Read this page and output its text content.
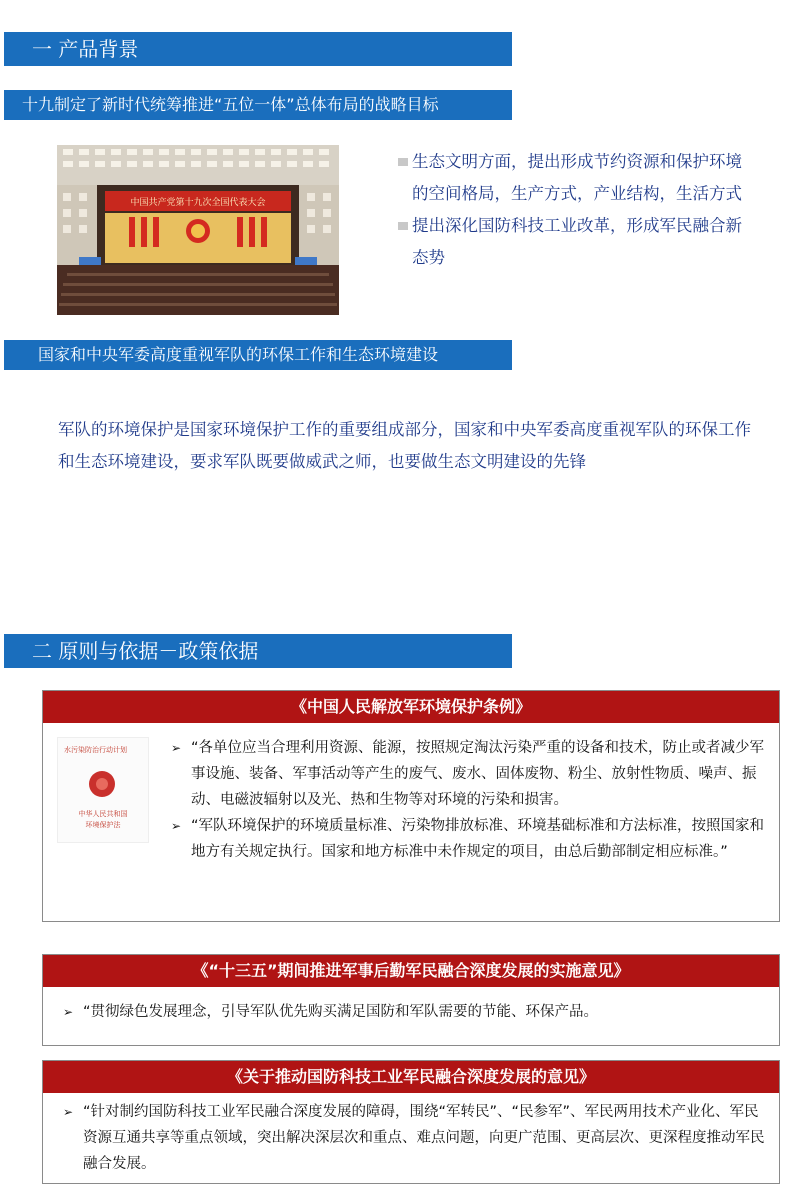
一 产品背景
十九制定了新时代统筹推进“五位一体”总体布局的战略目标
中国共产党第十九次全国代表大会
生态文明方面，提出形成节约资源和保护环境的空间格局，生产方式，产业结构，生活方式
提出深化国防科技工业改革，形成军民融合新态势
国家和中央军委高度重视军队的环保工作和生态环境建设
军队的环境保护是国家环境保护工作的重要组成部分，国家和中央军委高度重视军队的环保工作和生态环境建设，要求军队既要做威武之师，也要做生态文明建设的先锋
二 原则与依据－政策依据
《中国人民解放军环境保护条例》
水污染防治行动计划
中华人民共和国
环境保护法
➢ “各单位应当合理利用资源、能源，按照规定淘汰污染严重的设备和技术，防止或者减少军事设施、装备、军事活动等产生的废气、废水、固体废物、粉尘、放射性物质、噪声、振动、电磁波辐射以及光、热和生物等对环境的污染和损害。
➢ “军队环境保护的环境质量标准、污染物排放标准、环境基础标准和方法标准，按照国家和地方有关规定执行。国家和地方标准中未作规定的项目，由总后勤部制定相应标准。”
《“十三五”期间推进军事后勤军民融合深度发展的实施意见》
➢ “贯彻绿色发展理念，引导军队优先购买满足国防和军队需要的节能、环保产品。
《关于推动国防科技工业军民融合深度发展的意见》
➢ “针对制约国防科技工业军民融合深度发展的障碍，围绕“军转民”、“民参军”、军民两用技术产业化、军民资源互通共享等重点领域，突出解决深层次和重点、难点问题，向更广范围、更高层次、更深程度推动军民融合发展。
